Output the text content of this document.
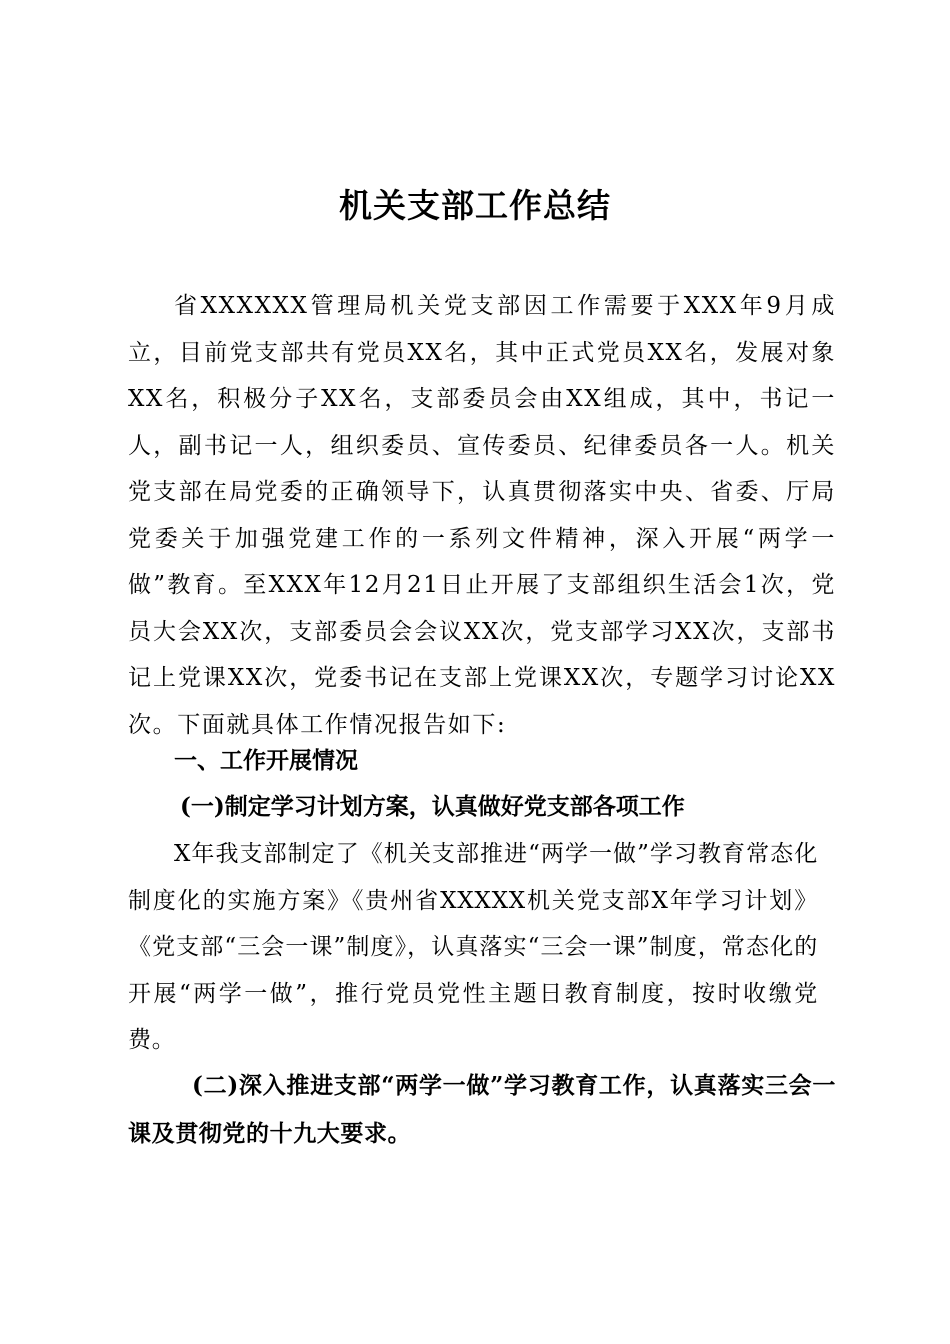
机关支部工作总结

省XXXXXX管理局机关党支部因工作需要于XXX年9月成立，目前党支部共有党员XX名，其中正式党员XX名，发展对象XX名，积极分子XX名，支部委员会由XX组成，其中，书记一人，副书记一人，组织委员、宣传委员、纪律委员各一人。机关党支部在局党委的正确领导下，认真贯彻落实中央、省委、厅局党委关于加强党建工作的一系列文件精神，深入开展“两学一做”教育。至XXX年12月21日止开展了支部组织生活会1次，党员大会XX次，支部委员会会议XX次，党支部学习XX次，支部书记上党课XX次，党委书记在支部上党课XX次，专题学习讨论XX次。下面就具体工作情况报告如下:

一、工作开展情况

(一)制定学习计划方案，认真做好党支部各项工作

X年我支部制定了《机关支部推进“两学一做”学习教育常态化制度化的实施方案》《贵州省XXXXX机关党支部X年学习计划》《党支部“三会一课”制度》，认真落实“三会一课”制度，常态化的开展“两学一做”，推行党员党性主题日教育制度，按时收缴党费。

(二)深入推进支部“两学一做”学习教育工作，认真落实三会一课及贯彻党的十九大要求。
